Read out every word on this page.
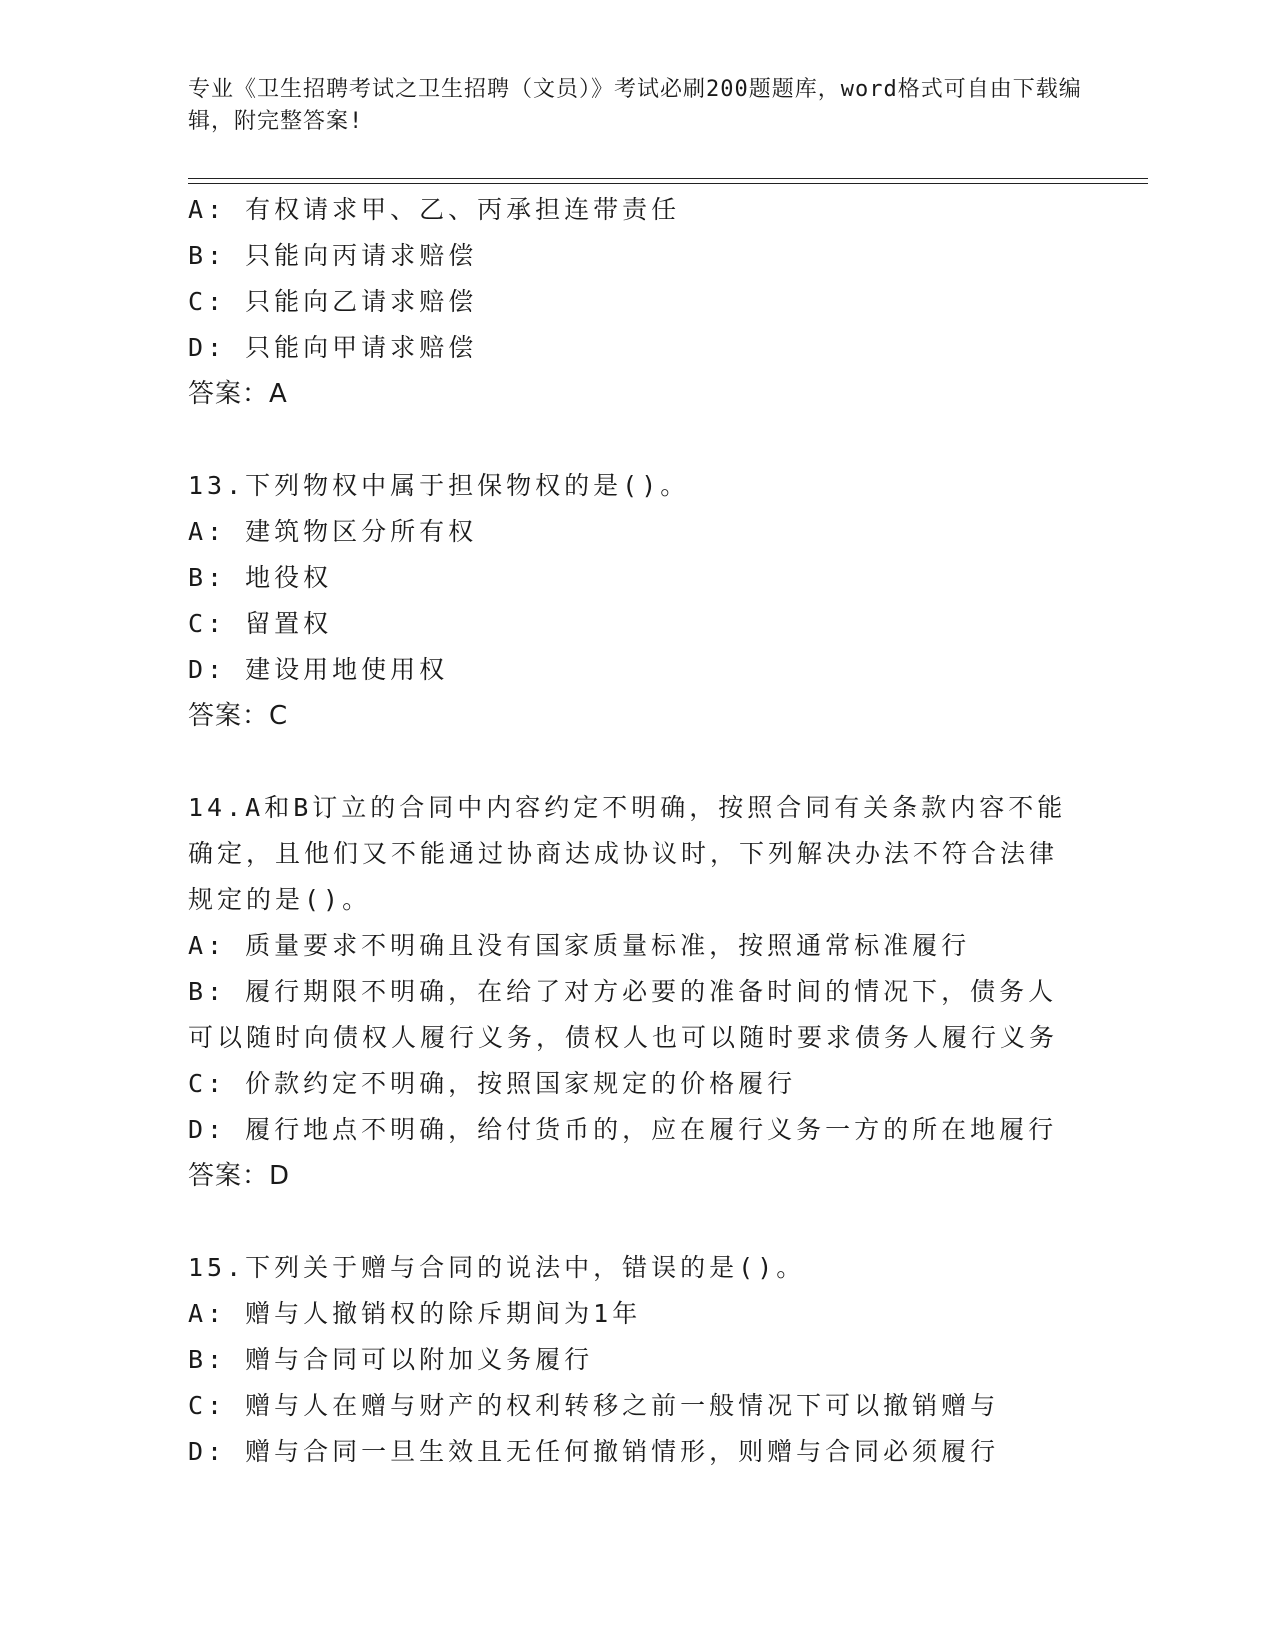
专业《卫生招聘考试之卫生招聘（文员）》考试必刷200题题库，word格式可自由下载编辑，附完整答案!
A: 有权请求甲、乙、丙承担连带责任
B: 只能向丙请求赔偿
C: 只能向乙请求赔偿
D: 只能向甲请求赔偿
答案：A
13.下列物权中属于担保物权的是()。
A: 建筑物区分所有权
B: 地役权
C: 留置权
D: 建设用地使用权
答案：C
14.A和B订立的合同中内容约定不明确，按照合同有关条款内容不能确定，且他们又不能通过协商达成协议时，下列解决办法不符合法律规定的是()。
A: 质量要求不明确且没有国家质量标准，按照通常标准履行
B: 履行期限不明确，在给了对方必要的准备时间的情况下，债务人可以随时向债权人履行义务，债权人也可以随时要求债务人履行义务
C: 价款约定不明确，按照国家规定的价格履行
D: 履行地点不明确，给付货币的，应在履行义务一方的所在地履行
答案：D
15.下列关于赠与合同的说法中，错误的是()。
A: 赠与人撤销权的除斥期间为1年
B: 赠与合同可以附加义务履行
C: 赠与人在赠与财产的权利转移之前一般情况下可以撤销赠与
D: 赠与合同一旦生效且无任何撤销情形，则赠与合同必须履行
